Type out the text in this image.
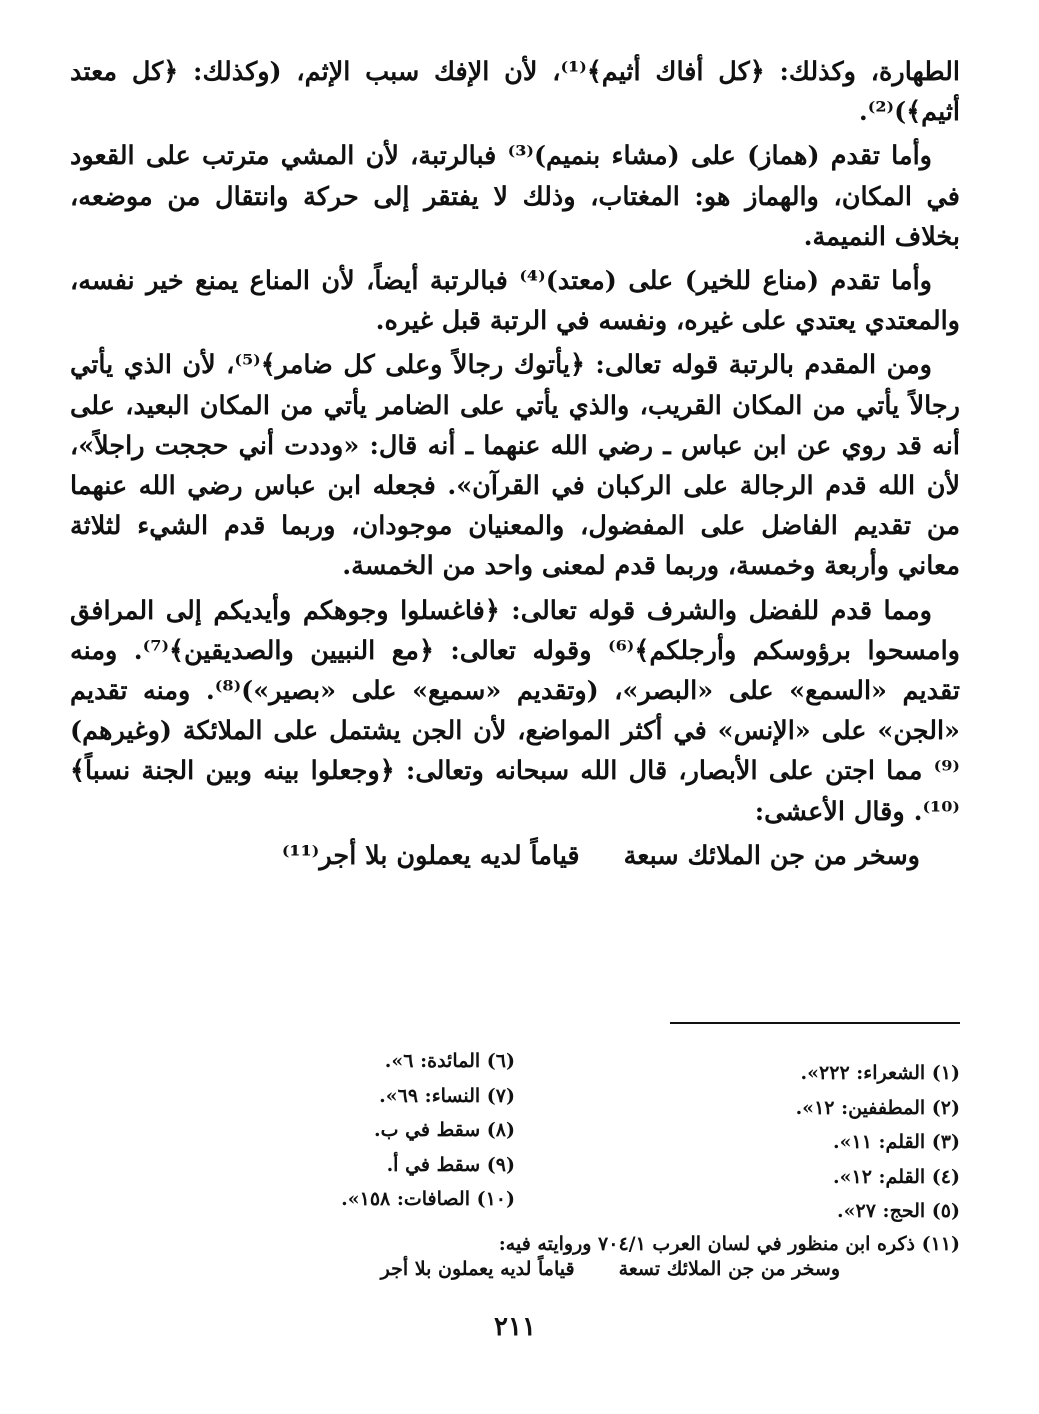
الطهارة، وكذلك: ﴿كل أفاك أثيم﴾⁽¹⁾، لأن الإفك سبب الإثم، (وكذلك: ﴿كل معتد أثيم﴾)⁽²⁾.

وأما تقدم (هماز) على (مشاء بنميم)⁽³⁾ فبالرتبة، لأن المشي مترتب على القعود في المكان، والهماز هو: المغتاب، وذلك لا يفتقر إلى حركة وانتقال من موضعه، بخلاف النميمة.

وأما تقدم (مناع للخير) على (معتد)⁽⁴⁾ فبالرتبة أيضاً، لأن المناع يمنع خير نفسه، والمعتدي يعتدي على غيره، ونفسه في الرتبة قبل غيره.

ومن المقدم بالرتبة قوله تعالى: ﴿يأتوك رجالاً وعلى كل ضامر﴾⁽⁵⁾، لأن الذي يأتي رجالاً يأتي من المكان القريب، والذي يأتي على الضامر يأتي من المكان البعيد، على أنه قد روي عن ابن عباس ـ رضي الله عنهما ـ أنه قال: «وددت أني حججت راجلاً»، لأن الله قدم الرجالة على الركبان في القرآن». فجعله ابن عباس رضي الله عنهما من تقديم الفاضل على المفضول، والمعنيان موجودان، وربما قدم الشيء لثلاثة معاني وأربعة وخمسة، وربما قدم لمعنى واحد من الخمسة.

ومما قدم للفضل والشرف قوله تعالى: ﴿فاغسلوا وجوهكم وأيديكم إلى المرافق وامسحوا برؤوسكم وأرجلكم﴾⁽⁶⁾ وقوله تعالى: ﴿مع النبيين والصديقين﴾⁽⁷⁾. ومنه تقديم «السمع» على «البصر»، (وتقديم «سميع» على «بصير»)⁽⁸⁾. ومنه تقديم «الجن» على «الإنس» في أكثر المواضع، لأن الجن يشتمل على الملائكة (وغيرهم)⁽⁹⁾ مما اجتن على الأبصار، قال الله سبحانه وتعالى: ﴿وجعلوا بينه وبين الجنة نسباً﴾⁽¹⁰⁾. وقال الأعشى:

وسخر من جن الملائك سبعة
قياماً لديه يعملون بلا أجر⁽¹¹⁾
(١) الشعراء: ٢٢٢».
(٢) المطففين: ١٢».
(٣) القلم: ١١».
(٤) القلم: ١٢».
(٥) الحج: ٢٧».
(٦) المائدة: ٦».
(٧) النساء: ٦٩».
(٨) سقط في ب.
(٩) سقط في أ.
(١٠) الصافات: ١٥٨».
(١١) ذكره ابن منظور في لسان العرب ٧٠٤/١ وروايته فيه:
وسخر من جن الملائك تسعة
قياماً لديه يعملون بلا أجر
٢١١
